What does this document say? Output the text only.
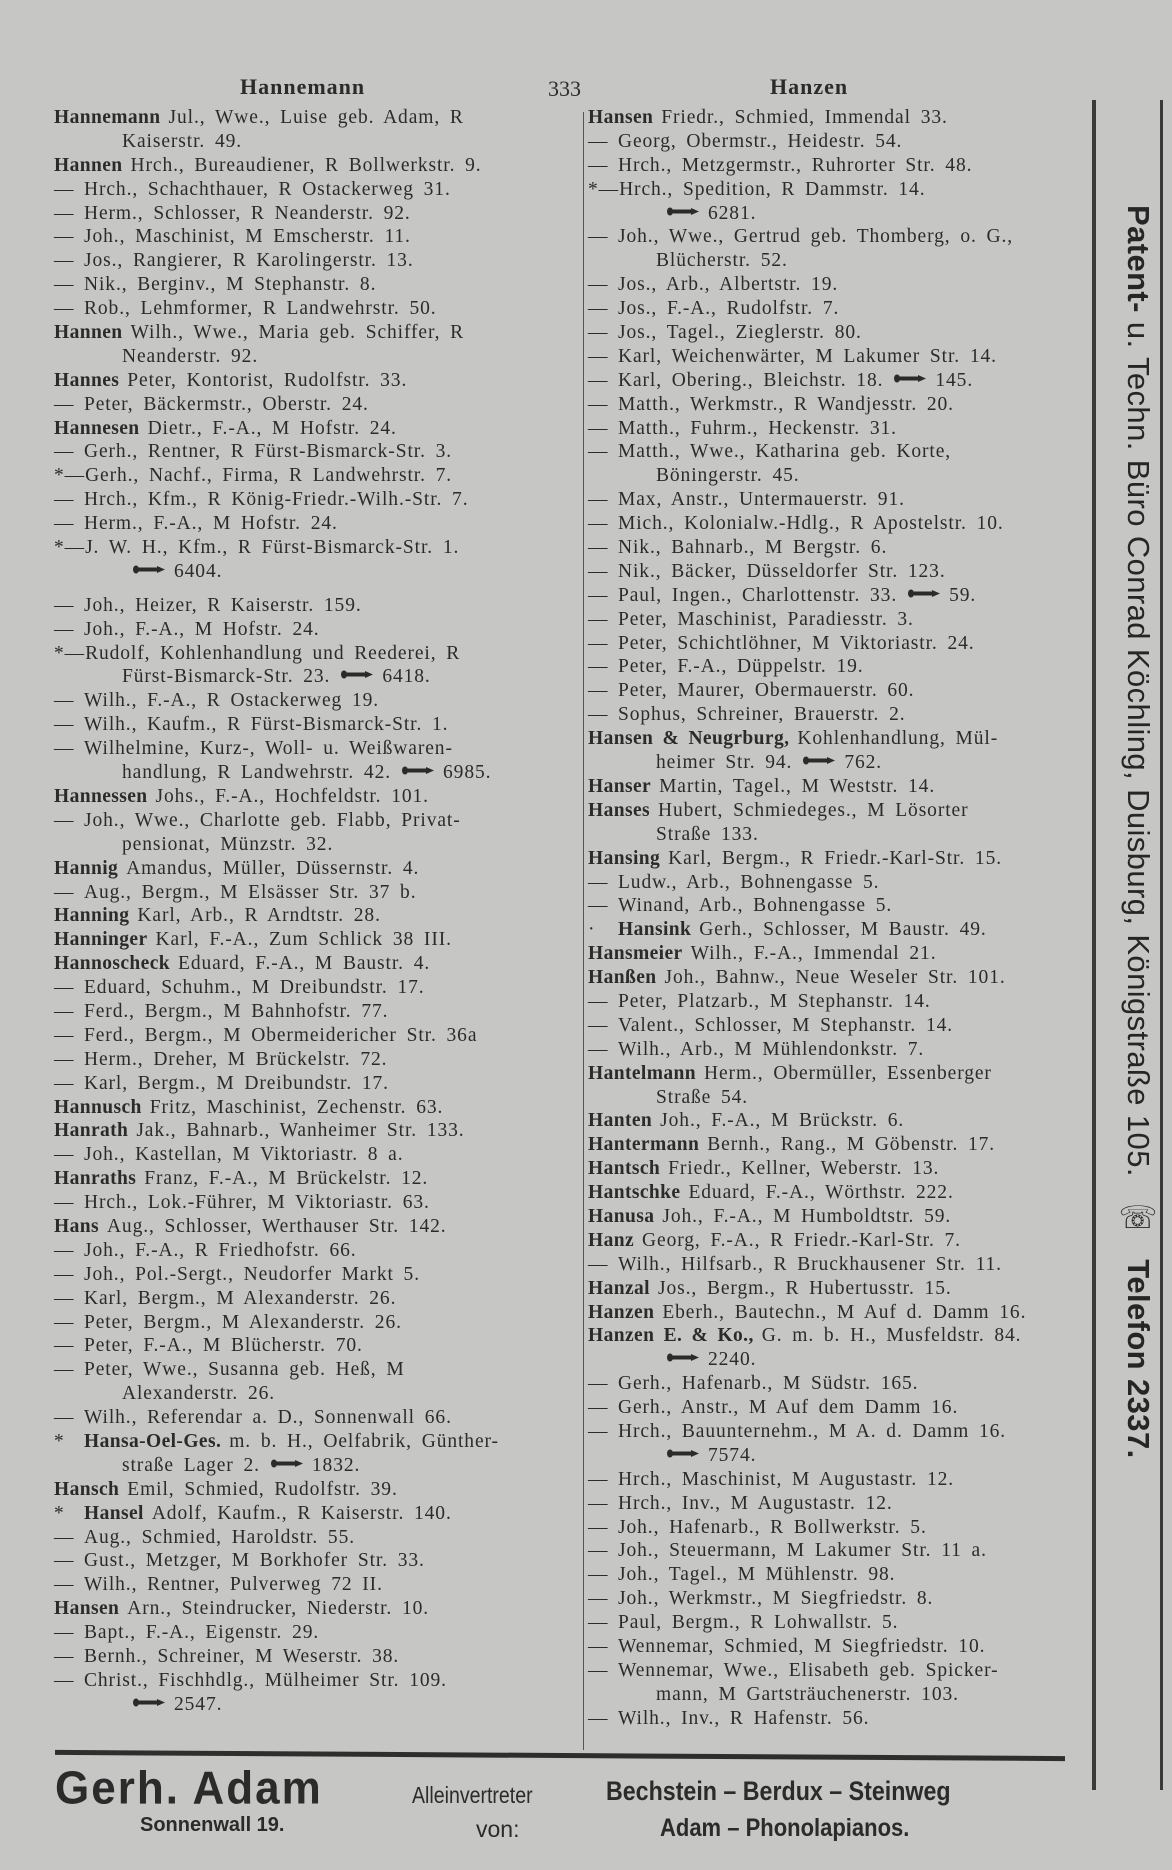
Hannemann	333	Hanzen
Hannemann Jul., Wwe., Luise geb. Adam, R
Kaiserstr. 49.
Hannen Hrch., Bureaudiener, R Bollwerkstr. 9.
— Hrch., Schachthauer, R Ostackerweg 31.
— Herm., Schlosser, R Neanderstr. 92.
— Joh., Maschinist, M Emscherstr. 11.
— Jos., Rangierer, R Karolingerstr. 13.
— Nik., Berginv., M Stephanstr. 8.
— Rob., Lehmformer, R Landwehrstr. 50.
Hannen Wilh., Wwe., Maria geb. Schiffer, R
Neanderstr. 92.
Hannes Peter, Kontorist, Rudolfstr. 33.
— Peter, Bäckermstr., Oberstr. 24.
Hannesen Dietr., F.-A., M Hofstr. 24.
— Gerh., Rentner, R Fürst-Bismarck-Str. 3.
*—Gerh., Nachf., Firma, R Landwehrstr. 7.
— Hrch., Kfm., R König-Friedr.-Wilh.-Str. 7.
— Herm., F.-A., M Hofstr. 24.
*—J. W. H., Kfm., R Fürst-Bismarck-Str. 1.
6404.
— Joh., Heizer, R Kaiserstr. 159.
— Joh., F.-A., M Hofstr. 24.
*—Rudolf, Kohlenhandlung und Reederei, R
Fürst-Bismarck-Str. 23.	6418.
— Wilh., F.-A., R Ostackerweg 19.
— Wilh., Kaufm., R Fürst-Bismarck-Str. 1.
— Wilhelmine, Kurz-, Woll- u. Weißwaren-
handlung, R Landwehrstr. 42.	6985.
Hannessen Johs., F.-A., Hochfeldstr. 101.
— Joh., Wwe., Charlotte geb. Flabb, Privat-
pensionat, Münzstr. 32.
Hannig Amandus, Müller, Düssernstr. 4.
— Aug., Bergm., M Elsässer Str. 37 b.
Hanning Karl, Arb., R Arndtstr. 28.
Hanninger Karl, F.-A., Zum Schlick 38 III.
Hannoscheck Eduard, F.-A., M Baustr. 4.
— Eduard, Schuhm., M Dreibundstr. 17.
— Ferd., Bergm., M Bahnhofstr. 77.
— Ferd., Bergm., M Obermeidericher Str. 36a
— Herm., Dreher, M Brückelstr. 72.
— Karl, Bergm., M Dreibundstr. 17.
Hannusch Fritz, Maschinist, Zechenstr. 63.
Hanrath Jak., Bahnarb., Wanheimer Str. 133.
— Joh., Kastellan, M Viktoriastr. 8 a.
Hanraths Franz, F.-A., M Brückelstr. 12.
— Hrch., Lok.-Führer, M Viktoriastr. 63.
Hans Aug., Schlosser, Werthauser Str. 142.
— Joh., F.-A., R Friedhofstr. 66.
— Joh., Pol.-Sergt., Neudorfer Markt 5.
— Karl, Bergm., M Alexanderstr. 26.
— Peter, Bergm., M Alexanderstr. 26.
— Peter, F.-A., M Blücherstr. 70.
— Peter, Wwe., Susanna geb. Heß, M
Alexanderstr. 26.
— Wilh., Referendar a. D., Sonnenwall 66.
* Hansa-Oel-Ges. m. b. H., Oelfabrik, Günther-
straße Lager 2.	1832.
Hansch Emil, Schmied, Rudolfstr. 39.
* Hansel Adolf, Kaufm., R Kaiserstr. 140.
— Aug., Schmied, Haroldstr. 55.
— Gust., Metzger, M Borkhofer Str. 33.
— Wilh., Rentner, Pulverweg 72 II.
Hansen Arn., Steindrucker, Niederstr. 10.
— Bapt., F.-A., Eigenstr. 29.
— Bernh., Schreiner, M Weserstr. 38.
— Christ., Fischhdlg., Mülheimer Str. 109.
2547.
Hansen Friedr., Schmied, Immendal 33.
— Georg, Obermstr., Heidestr. 54.
— Hrch., Metzgermstr., Ruhrorter Str. 48.
*—Hrch., Spedition, R Dammstr. 14.
6281.
— Joh., Wwe., Gertrud geb. Thomberg, o. G.,
Blücherstr. 52.
— Jos., Arb., Albertstr. 19.
— Jos., F.-A., Rudolfstr. 7.
— Jos., Tagel., Zieglerstr. 80.
— Karl, Weichenwärter, M Lakumer Str. 14.
— Karl, Obering., Bleichstr. 18.	145.
— Matth., Werkmstr., R Wandjesstr. 20.
— Matth., Fuhrm., Heckenstr. 31.
— Matth., Wwe., Katharina geb. Korte,
Böningerstr. 45.
— Max, Anstr., Untermauerstr. 91.
— Mich., Kolonialw.-Hdlg., R Apostelstr. 10.
— Nik., Bahnarb., M Bergstr. 6.
— Nik., Bäcker, Düsseldorfer Str. 123.
— Paul, Ingen., Charlottenstr. 33.	59.
— Peter, Maschinist, Paradiesstr. 3.
— Peter, Schichtlöhner, M Viktoriastr. 24.
— Peter, F.-A., Düppelstr. 19.
— Peter, Maurer, Obermauerstr. 60.
— Sophus, Schreiner, Brauerstr. 2.
Hansen & Neugrburg, Kohlenhandlung, Mül-
heimer Str. 94.	762.
Hanser Martin, Tagel., M Weststr. 14.
Hanses Hubert, Schmiedeges., M Lösorter
Straße 133.
Hansing Karl, Bergm., R Friedr.-Karl-Str. 15.
— Ludw., Arb., Bohnengasse 5.
— Winand, Arb., Bohnengasse 5.
· Hansink Gerh., Schlosser, M Baustr. 49.
Hansmeier Wilh., F.-A., Immendal 21.
Hanßen Joh., Bahnw., Neue Weseler Str. 101.
— Peter, Platzarb., M Stephanstr. 14.
— Valent., Schlosser, M Stephanstr. 14.
— Wilh., Arb., M Mühlendonkstr. 7.
Hantelmann Herm., Obermüller, Essenberger
Straße 54.
Hanten Joh., F.-A., M Brückstr. 6.
Hantermann Bernh., Rang., M Göbenstr. 17.
Hantsch Friedr., Kellner, Weberstr. 13.
Hantschke Eduard, F.-A., Wörthstr. 222.
Hanusa Joh., F.-A., M Humboldtstr. 59.
Hanz Georg, F.-A., R Friedr.-Karl-Str. 7.
— Wilh., Hilfsarb., R Bruckhausener Str. 11.
Hanzal Jos., Bergm., R Hubertusstr. 15.
Hanzen Eberh., Bautechn., M Auf d. Damm 16.
Hanzen E. & Ko., G. m. b. H., Musfeldstr. 84.
2240.
— Gerh., Hafenarb., M Südstr. 165.
— Gerh., Anstr., M Auf dem Damm 16.
— Hrch., Bauunternehm., M A. d. Damm 16.
7574.
— Hrch., Maschinist, M Augustastr. 12.
— Hrch., Inv., M Augustastr. 12.
— Joh., Hafenarb., R Bollwerkstr. 5.
— Joh., Steuermann, M Lakumer Str. 11 a.
— Joh., Tagel., M Mühlenstr. 98.
— Joh., Werkmstr., M Siegfriedstr. 8.
— Paul, Bergm., R Lohwallstr. 5.
— Wennemar, Schmied, M Siegfriedstr. 10.
— Wennemar, Wwe., Elisabeth geb. Spicker-
mann, M Gartsträuchenerstr. 103.
— Wilh., Inv., R Hafenstr. 56.
Patent- u. Techn. Büro Conrad Köchling, Duisburg, Königstraße 105. ☏ Telefon 2337.
Gerh. Adam
Sonnenwall 19.
Alleinvertreter
von:
Bechstein – Berdux – Steinweg
Adam – Phonolapianos.
